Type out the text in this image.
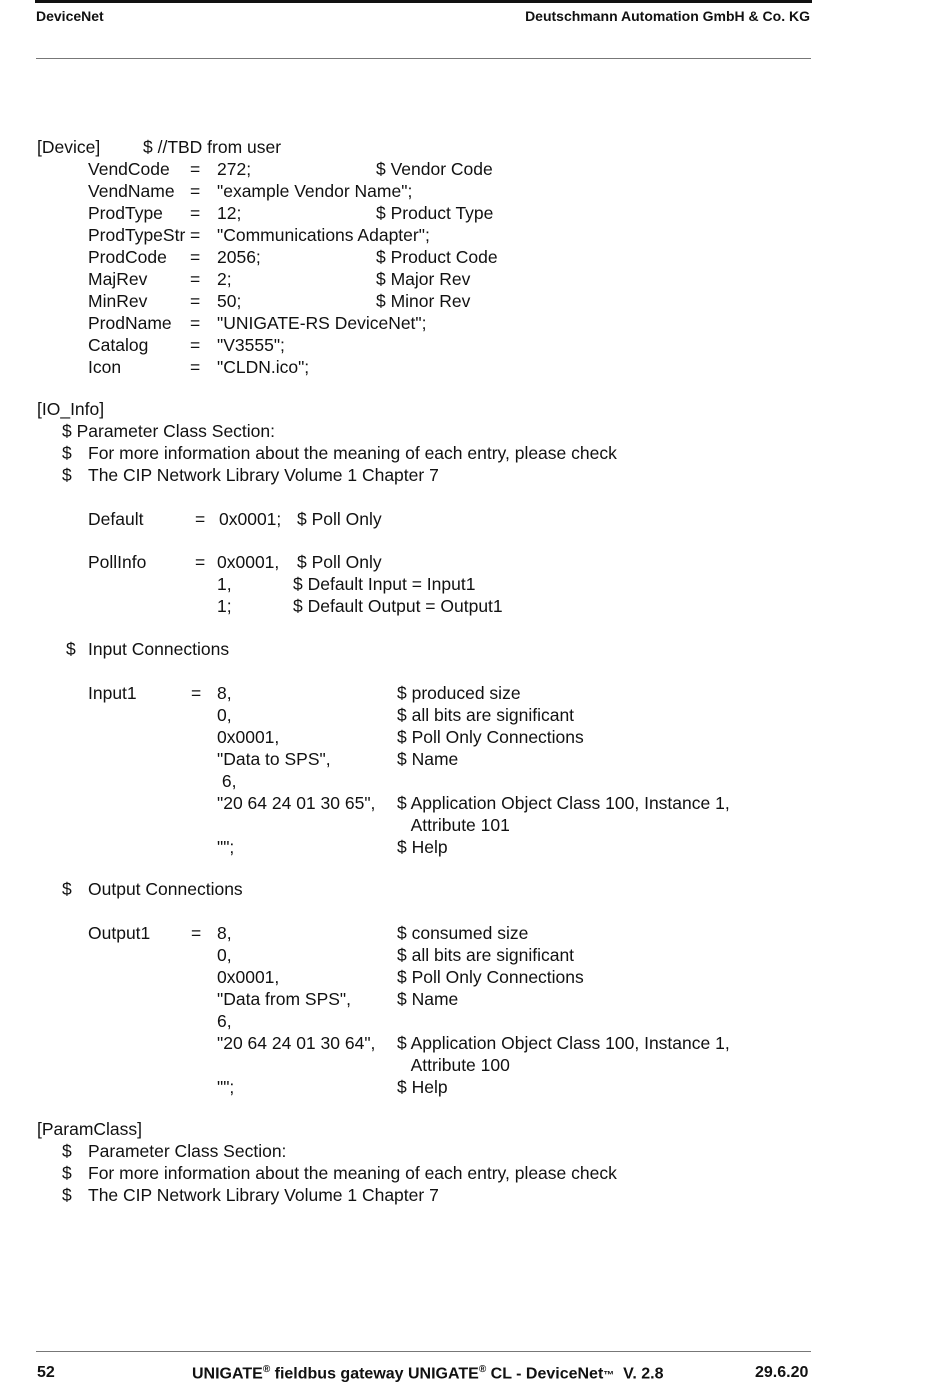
DeviceNet	Deutschmann Automation GmbH & Co. KG
[Device] $ //TBD from user
VendCode = 272;	$ Vendor Code
VendName = "example Vendor Name";
ProdType = 12;	$ Product Type
ProdTypeStr = "Communications Adapter";
ProdCode = 2056;	$ Product Code
MajRev = 2;	$ Major Rev
MinRev = 50;	$ Minor Rev
ProdName = "UNIGATE-RS DeviceNet";
Catalog = "V3555";
Icon	= "CLDN.ico";
[IO_Info]
$ Parameter Class Section:
$ For more information about the meaning of each entry, please check
$ The CIP Network Library Volume 1 Chapter 7
Default	= 0x0001; $ Poll Only
PollInfo	= 0x0001, $ Poll Only
1,	$ Default Input = Input1
1;	$ Default Output = Output1
$ Input Connections
Input1	= 8,	$ produced size
0,	$ all bits are significant
0x0001,	$ Poll Only Connections
"Data to SPS",	$ Name
6,
"20 64 24 01 30 65", $ Application Object Class 100, Instance 1,
Attribute 101
"";	$ Help
$ Output Connections
Output1 = 8,	$ consumed size
0,	$ all bits are significant
0x0001,	$ Poll Only Connections
"Data from SPS",	$ Name
6,
"20 64 24 01 30 64", $ Application Object Class 100, Instance 1,
Attribute 100
"";	$ Help
[ParamClass]
$ Parameter Class Section:
$ For more information about the meaning of each entry, please check
$ The CIP Network Library Volume 1 Chapter 7
52	UNIGATE® fieldbus gateway UNIGATE® CL - DeviceNet™  V. 2.8	29.6.20
